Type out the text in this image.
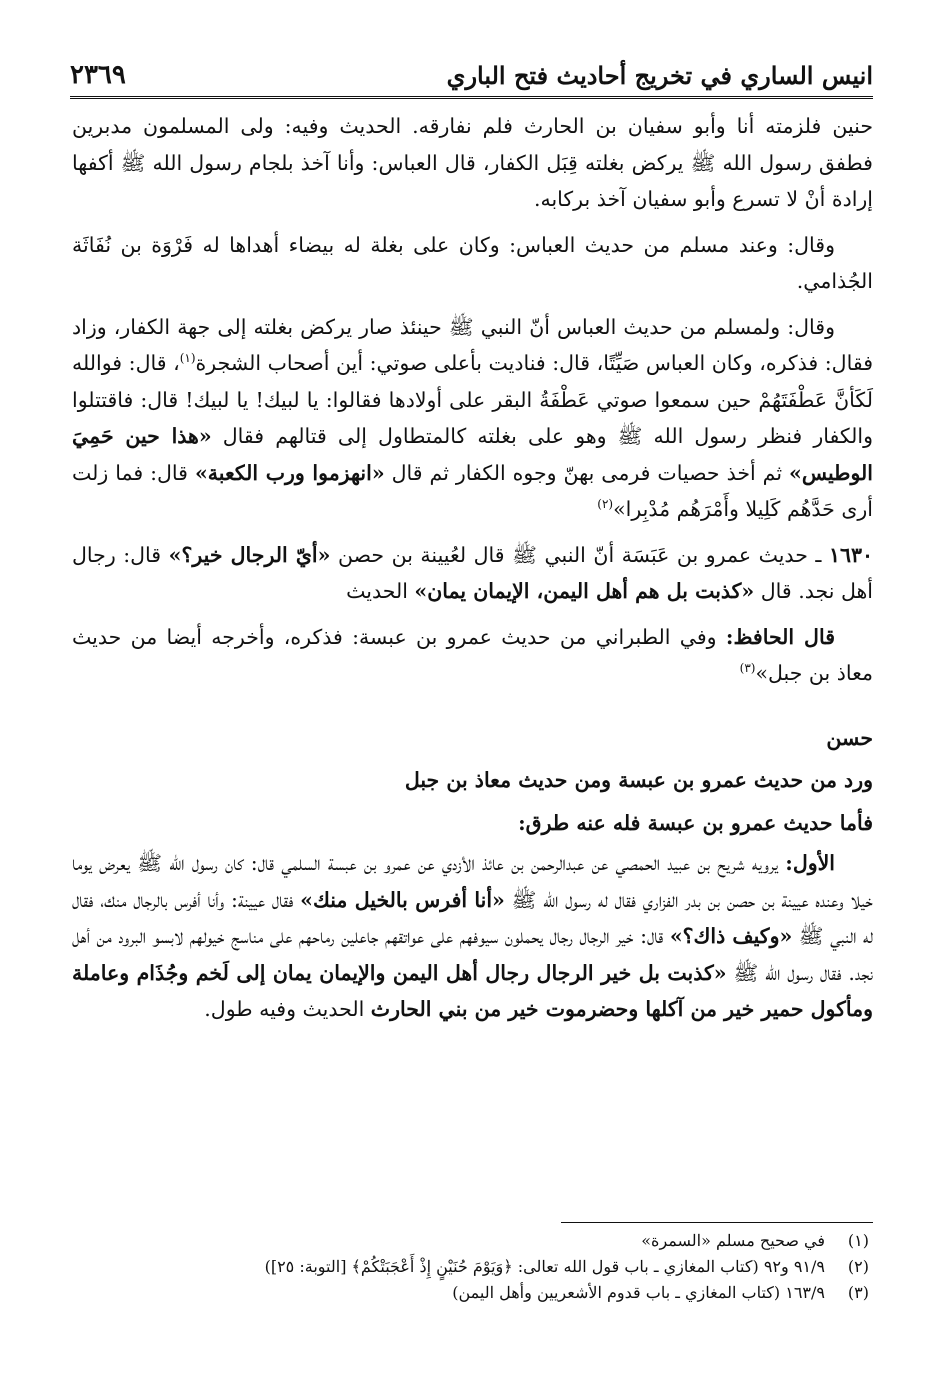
انيس الساري في تخريج أحاديث فتح الباري
٢٣٦٩

حنين فلزمته أنا وأبو سفيان بن الحارث فلم نفارقه. الحديث وفيه: ولى المسلمون مدبرين فطفق رسول الله ﷺ يركض بغلته قِبَل الكفار، قال العباس: وأنا آخذ بلجام رسول الله ﷺ أكفها إرادة أنْ لا تسرع وأبو سفيان آخذ بركابه.

وقال: وعند مسلم من حديث العباس: وكان على بغلة له بيضاء أهداها له فَرْوَة بن نُفَاثَة الجُذامي.

وقال: ولمسلم من حديث العباس أنّ النبي ﷺ حينئذ صار يركض بغلته إلى جهة الكفار، وزاد فقال: فذكره، وكان العباس صَيِّتًا، قال: فناديت بأعلى صوتي: أين أصحاب الشجرة$^{(١)}$، قال: فوالله لَكَأنَّ عَطْفَتَهُمْ حين سمعوا صوتي عَطْفَةُ البقر على أولادها فقالوا: يا لبيك! يا لبيك! قال: فاقتتلوا والكفار فنظر رسول الله ﷺ وهو على بغلته كالمتطاول إلى قتالهم فقال «هذا حين حَمِيَ الوطيس» ثم أخذ حصيات فرمى بهنّ وجوه الكفار ثم قال «انهزموا ورب الكعبة» قال: فما زلت أرى حَدَّهُم كَلِيلا وأَمْرَهُم مُدْبِرا»$^{(٢)}$

١٦٣٠ ـ حديث عمرو بن عَبَسَة أنّ النبي ﷺ قال لعُيينة بن حصن «أيّ الرجال خير؟» قال: رجال أهل نجد. قال «كذبت بل هم أهل اليمن، الإيمان يمان» الحديث

قال الحافظ: وفي الطبراني من حديث عمرو بن عبسة: فذكره، وأخرجه أيضا من حديث معاذ بن جبل»$^{(٣)}$

حسن

ورد من حديث عمرو بن عبسة ومن حديث معاذ بن جبل

فأما حديث عمرو بن عبسة فله عنه طرق:

الأول: يرويه شريح بن عبيد الحمصي عن عبدالرحمن بن عائذ الأزدي عن عمرو بن عبسة السلمي قال: كان رسول الله ﷺ يعرض يوما خيلا وعنده عيينة بن حصن بن بدر الفزاري فقال له رسول الله ﷺ «أنا أفرس بالخيل منك» فقال عيينة: وأنا أفرس بالرجال منك، فقال له النبي ﷺ «وكيف ذاك؟» قال: خير الرجال رجال يحملون سيوفهم على عواتقهم جاعلين رماحهم على مناسج خيولهم لابسو البرود من أهل نجد. فقال رسول الله ﷺ «كذبت بل خير الرجال رجال أهل اليمن والإيمان يمان إلى لَخم وجُذَام وعاملة ومأكول حمير خير من آكلها وحضرموت خير من بني الحارث الحديث وفيه طول.

(١)
في صحيح مسلم «السمرة»
(٢)
٩١/٩ و٩٢ (كتاب المغازي ـ باب قول الله تعالى: ﴿وَيَوْمَ حُنَيْنٍ إِذْ أَعْجَبَتْكُمْ﴾ [التوبة: ٢٥])
(٣)
١٦٣/٩ (كتاب المغازي ـ باب قدوم الأشعريين وأهل اليمن)
